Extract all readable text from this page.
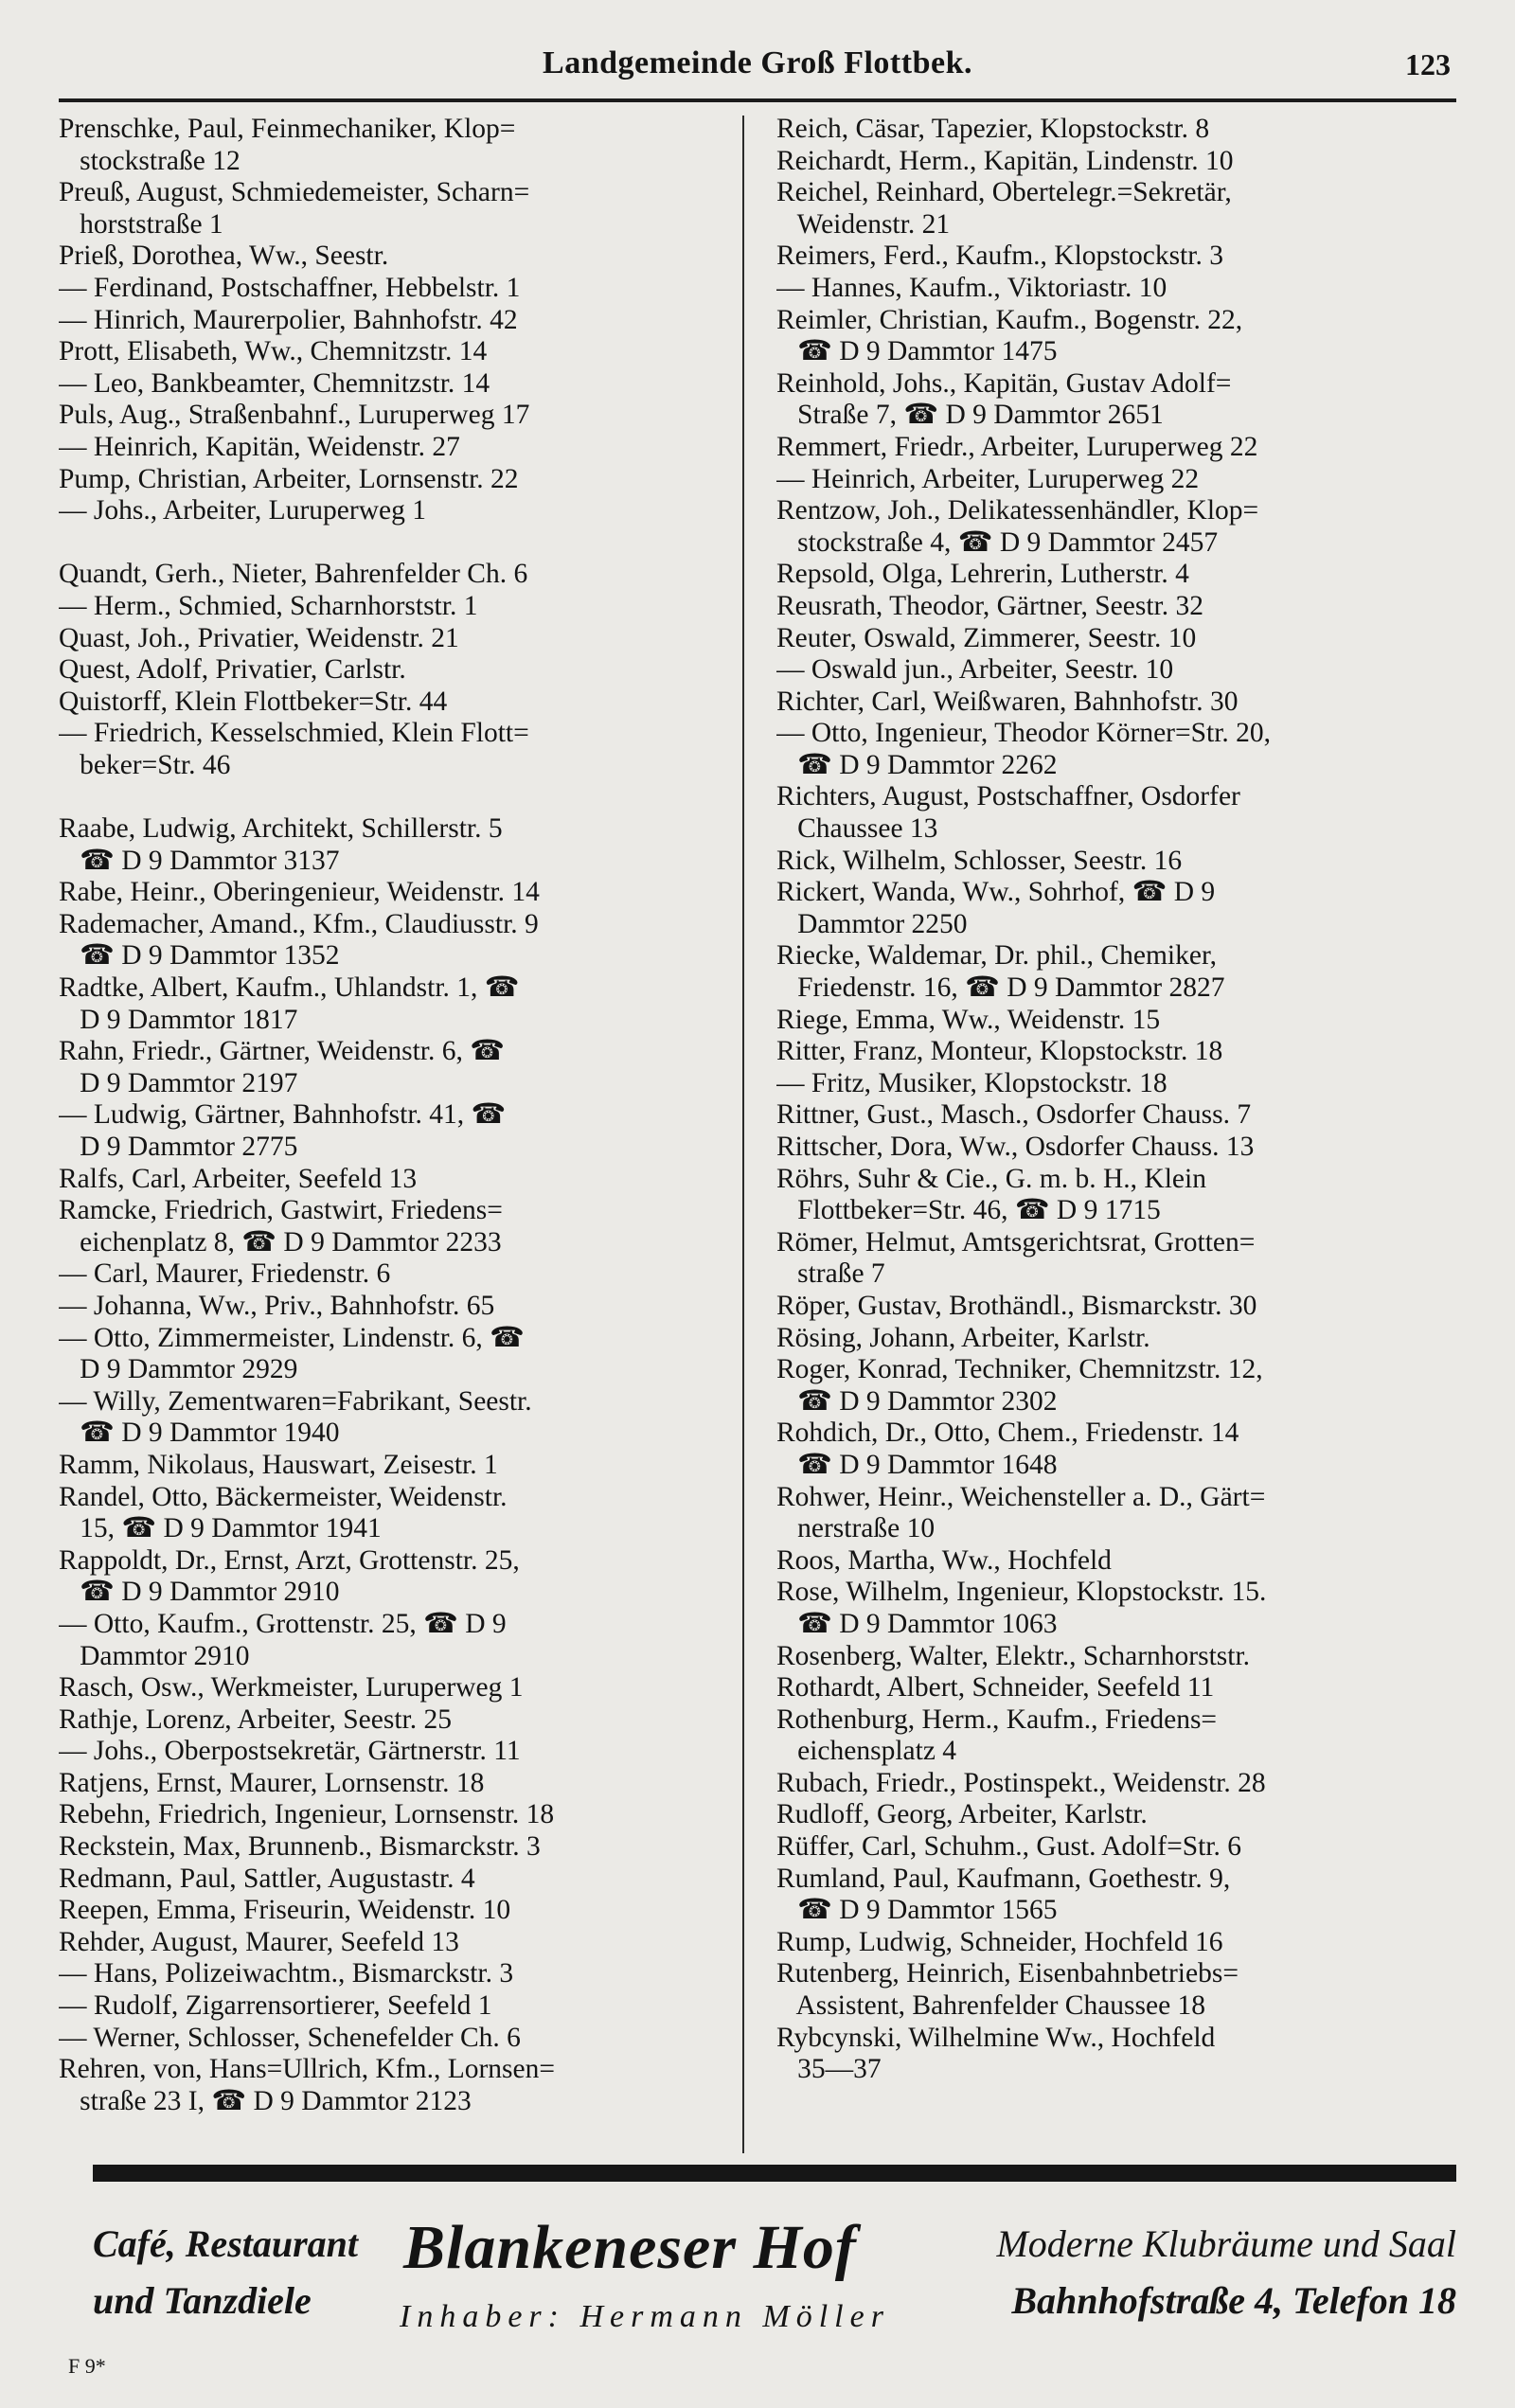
Landgemeinde Groß Flottbek.	123
Prenschke, Paul, Feinmechaniker, Klop=
stockstraße 12
Preuß, August, Schmiedemeister, Scharn=
horststraße 1
Prieß, Dorothea, Ww., Seestr.
— Ferdinand, Postschaffner, Hebbelstr. 1
— Hinrich, Maurerpolier, Bahnhofstr. 42
Prott, Elisabeth, Ww., Chemnitzstr. 14
— Leo, Bankbeamter, Chemnitzstr. 14
Puls, Aug., Straßenbahnf., Luruperweg 17
— Heinrich, Kapitän, Weidenstr. 27
Pump, Christian, Arbeiter, Lornsenstr. 22
— Johs., Arbeiter, Luruperweg 1
Quandt, Gerh., Nieter, Bahrenfelder Ch. 6
— Herm., Schmied, Scharnhorststr. 1
Quast, Joh., Privatier, Weidenstr. 21
Quest, Adolf, Privatier, Carlstr.
Quistorff, Klein Flottbeker=Str. 44
— Friedrich, Kesselschmied, Klein Flott=
beker=Str. 46
Raabe, Ludwig, Architekt, Schillerstr. 5
☎ D 9 Dammtor 3137
Rabe, Heinr., Oberingenieur, Weidenstr. 14
Rademacher, Amand., Kfm., Claudiusstr. 9
☎ D 9 Dammtor 1352
Radtke, Albert, Kaufm., Uhlandstr. 1, ☎
D 9 Dammtor 1817
Rahn, Friedr., Gärtner, Weidenstr. 6, ☎
D 9 Dammtor 2197
— Ludwig, Gärtner, Bahnhofstr. 41, ☎
D 9 Dammtor 2775
Ralfs, Carl, Arbeiter, Seefeld 13
Ramcke, Friedrich, Gastwirt, Friedens=
eichenplatz 8, ☎ D 9 Dammtor 2233
— Carl, Maurer, Friedenstr. 6
— Johanna, Ww., Priv., Bahnhofstr. 65
— Otto, Zimmermeister, Lindenstr. 6, ☎
D 9 Dammtor 2929
— Willy, Zementwaren=Fabrikant, Seestr.
☎ D 9 Dammtor 1940
Ramm, Nikolaus, Hauswart, Zeisestr. 1
Randel, Otto, Bäckermeister, Weidenstr.
15, ☎ D 9 Dammtor 1941
Rappoldt, Dr., Ernst, Arzt, Grottenstr. 25,
☎ D 9 Dammtor 2910
— Otto, Kaufm., Grottenstr. 25, ☎ D 9
Dammtor 2910
Rasch, Osw., Werkmeister, Luruperweg 1
Rathje, Lorenz, Arbeiter, Seestr. 25
— Johs., Oberpostsekretär, Gärtnerstr. 11
Ratjens, Ernst, Maurer, Lornsenstr. 18
Rebehn, Friedrich, Ingenieur, Lornsenstr. 18
Reckstein, Max, Brunnenb., Bismarckstr. 3
Redmann, Paul, Sattler, Augustastr. 4
Reepen, Emma, Friseurin, Weidenstr. 10
Rehder, August, Maurer, Seefeld 13
— Hans, Polizeiwachtm., Bismarckstr. 3
— Rudolf, Zigarrensortierer, Seefeld 1
— Werner, Schlosser, Schenefelder Ch. 6
Rehren, von, Hans=Ullrich, Kfm., Lornsen=
straße 23 I, ☎ D 9 Dammtor 2123
Reich, Cäsar, Tapezier, Klopstockstr. 8
Reichardt, Herm., Kapitän, Lindenstr. 10
Reichel, Reinhard, Obertelegr.=Sekretär,
Weidenstr. 21
Reimers, Ferd., Kaufm., Klopstockstr. 3
— Hannes, Kaufm., Viktoriastr. 10
Reimler, Christian, Kaufm., Bogenstr. 22,
☎ D 9 Dammtor 1475
Reinhold, Johs., Kapitän, Gustav Adolf=
Straße 7, ☎ D 9 Dammtor 2651
Remmert, Friedr., Arbeiter, Luruperweg 22
— Heinrich, Arbeiter, Luruperweg 22
Rentzow, Joh., Delikatessenhändler, Klop=
stockstraße 4, ☎ D 9 Dammtor 2457
Repsold, Olga, Lehrerin, Lutherstr. 4
Reusrath, Theodor, Gärtner, Seestr. 32
Reuter, Oswald, Zimmerer, Seestr. 10
— Oswald jun., Arbeiter, Seestr. 10
Richter, Carl, Weißwaren, Bahnhofstr. 30
— Otto, Ingenieur, Theodor Körner=Str. 20,
☎ D 9 Dammtor 2262
Richters, August, Postschaffner, Osdorfer
Chaussee 13
Rick, Wilhelm, Schlosser, Seestr. 16
Rickert, Wanda, Ww., Sohrhof, ☎ D 9
Dammtor 2250
Riecke, Waldemar, Dr. phil., Chemiker,
Friedenstr. 16, ☎ D 9 Dammtor 2827
Riege, Emma, Ww., Weidenstr. 15
Ritter, Franz, Monteur, Klopstockstr. 18
— Fritz, Musiker, Klopstockstr. 18
Rittner, Gust., Masch., Osdorfer Chauss. 7
Rittscher, Dora, Ww., Osdorfer Chauss. 13
Röhrs, Suhr & Cie., G. m. b. H., Klein
Flottbeker=Str. 46, ☎ D 9 1715
Römer, Helmut, Amtsgerichtsrat, Grotten=
straße 7
Röper, Gustav, Brothändl., Bismarckstr. 30
Rösing, Johann, Arbeiter, Karlstr.
Roger, Konrad, Techniker, Chemnitzstr. 12,
☎ D 9 Dammtor 2302
Rohdich, Dr., Otto, Chem., Friedenstr. 14
☎ D 9 Dammtor 1648
Rohwer, Heinr., Weichensteller a. D., Gärt=
nerstraße 10
Roos, Martha, Ww., Hochfeld
Rose, Wilhelm, Ingenieur, Klopstockstr. 15.
☎ D 9 Dammtor 1063
Rosenberg, Walter, Elektr., Scharnhorststr.
Rothardt, Albert, Schneider, Seefeld 11
Rothenburg, Herm., Kaufm., Friedens=
eichensplatz 4
Rubach, Friedr., Postinspekt., Weidenstr. 28
Rudloff, Georg, Arbeiter, Karlstr.
Rüffer, Carl, Schuhm., Gust. Adolf=Str. 6
Rumland, Paul, Kaufmann, Goethestr. 9,
☎ D 9 Dammtor 1565
Rump, Ludwig, Schneider, Hochfeld 16
Rutenberg, Heinrich, Eisenbahnbetriebs=
Assistent, Bahrenfelder Chaussee 18
Rybcynski, Wilhelmine Ww., Hochfeld
35—37
Café, Restaurant
und Tanzdiele
Blankeneser Hof
Inhaber: Hermann Möller
Moderne Klubräume und Saal
Bahnhofstraße 4, Telefon 18
F 9*
